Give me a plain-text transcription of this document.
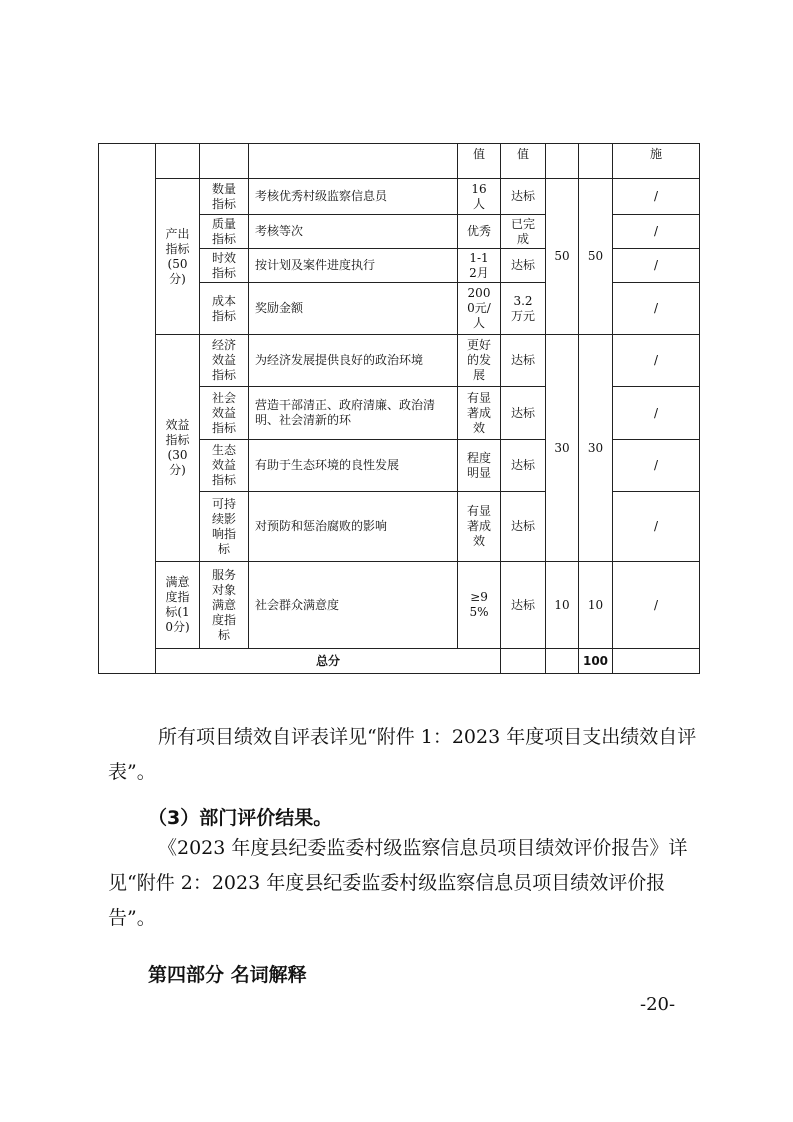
				值	值			施	
	产出指标(50分)	数量指标	考核优秀村级监察信息员	16人	达标	50	50	/	
		质量指标	考核等次	优秀	已完成			/	
		时效指标	按计划及案件进度执行	1-12月	达标			/	
		成本指标	奖励金额	2000元/人	3.2万元			/	
	效益指标(30分)	经济效益指标	为经济发展提供良好的政治环境	更好的发展	达标	30	30	/	
		社会效益指标	营造干部清正、政府清廉、政治清明、社会清新的环	有显著成效	达标			/	
		生态效益指标	有助于生态环境的良性发展	程度明显	达标			/	
		可持续影响指标	对预防和惩治腐败的影响	有显著成效	达标			/	
	满意度指标(10分)	服务对象满意度指标	社会群众满意度	≥95%	达标	10	10	/	
	总分						100		

所有项目绩效自评表详见“附件 1：2023 年度项目支出绩效自评表”。

（3）部门评价结果。

《2023 年度县纪委监委村级监察信息员项目绩效评价报告》详见“附件 2：2023 年度县纪委监委村级监察信息员项目绩效评价报告”。

第四部分 名词解释

-20-
